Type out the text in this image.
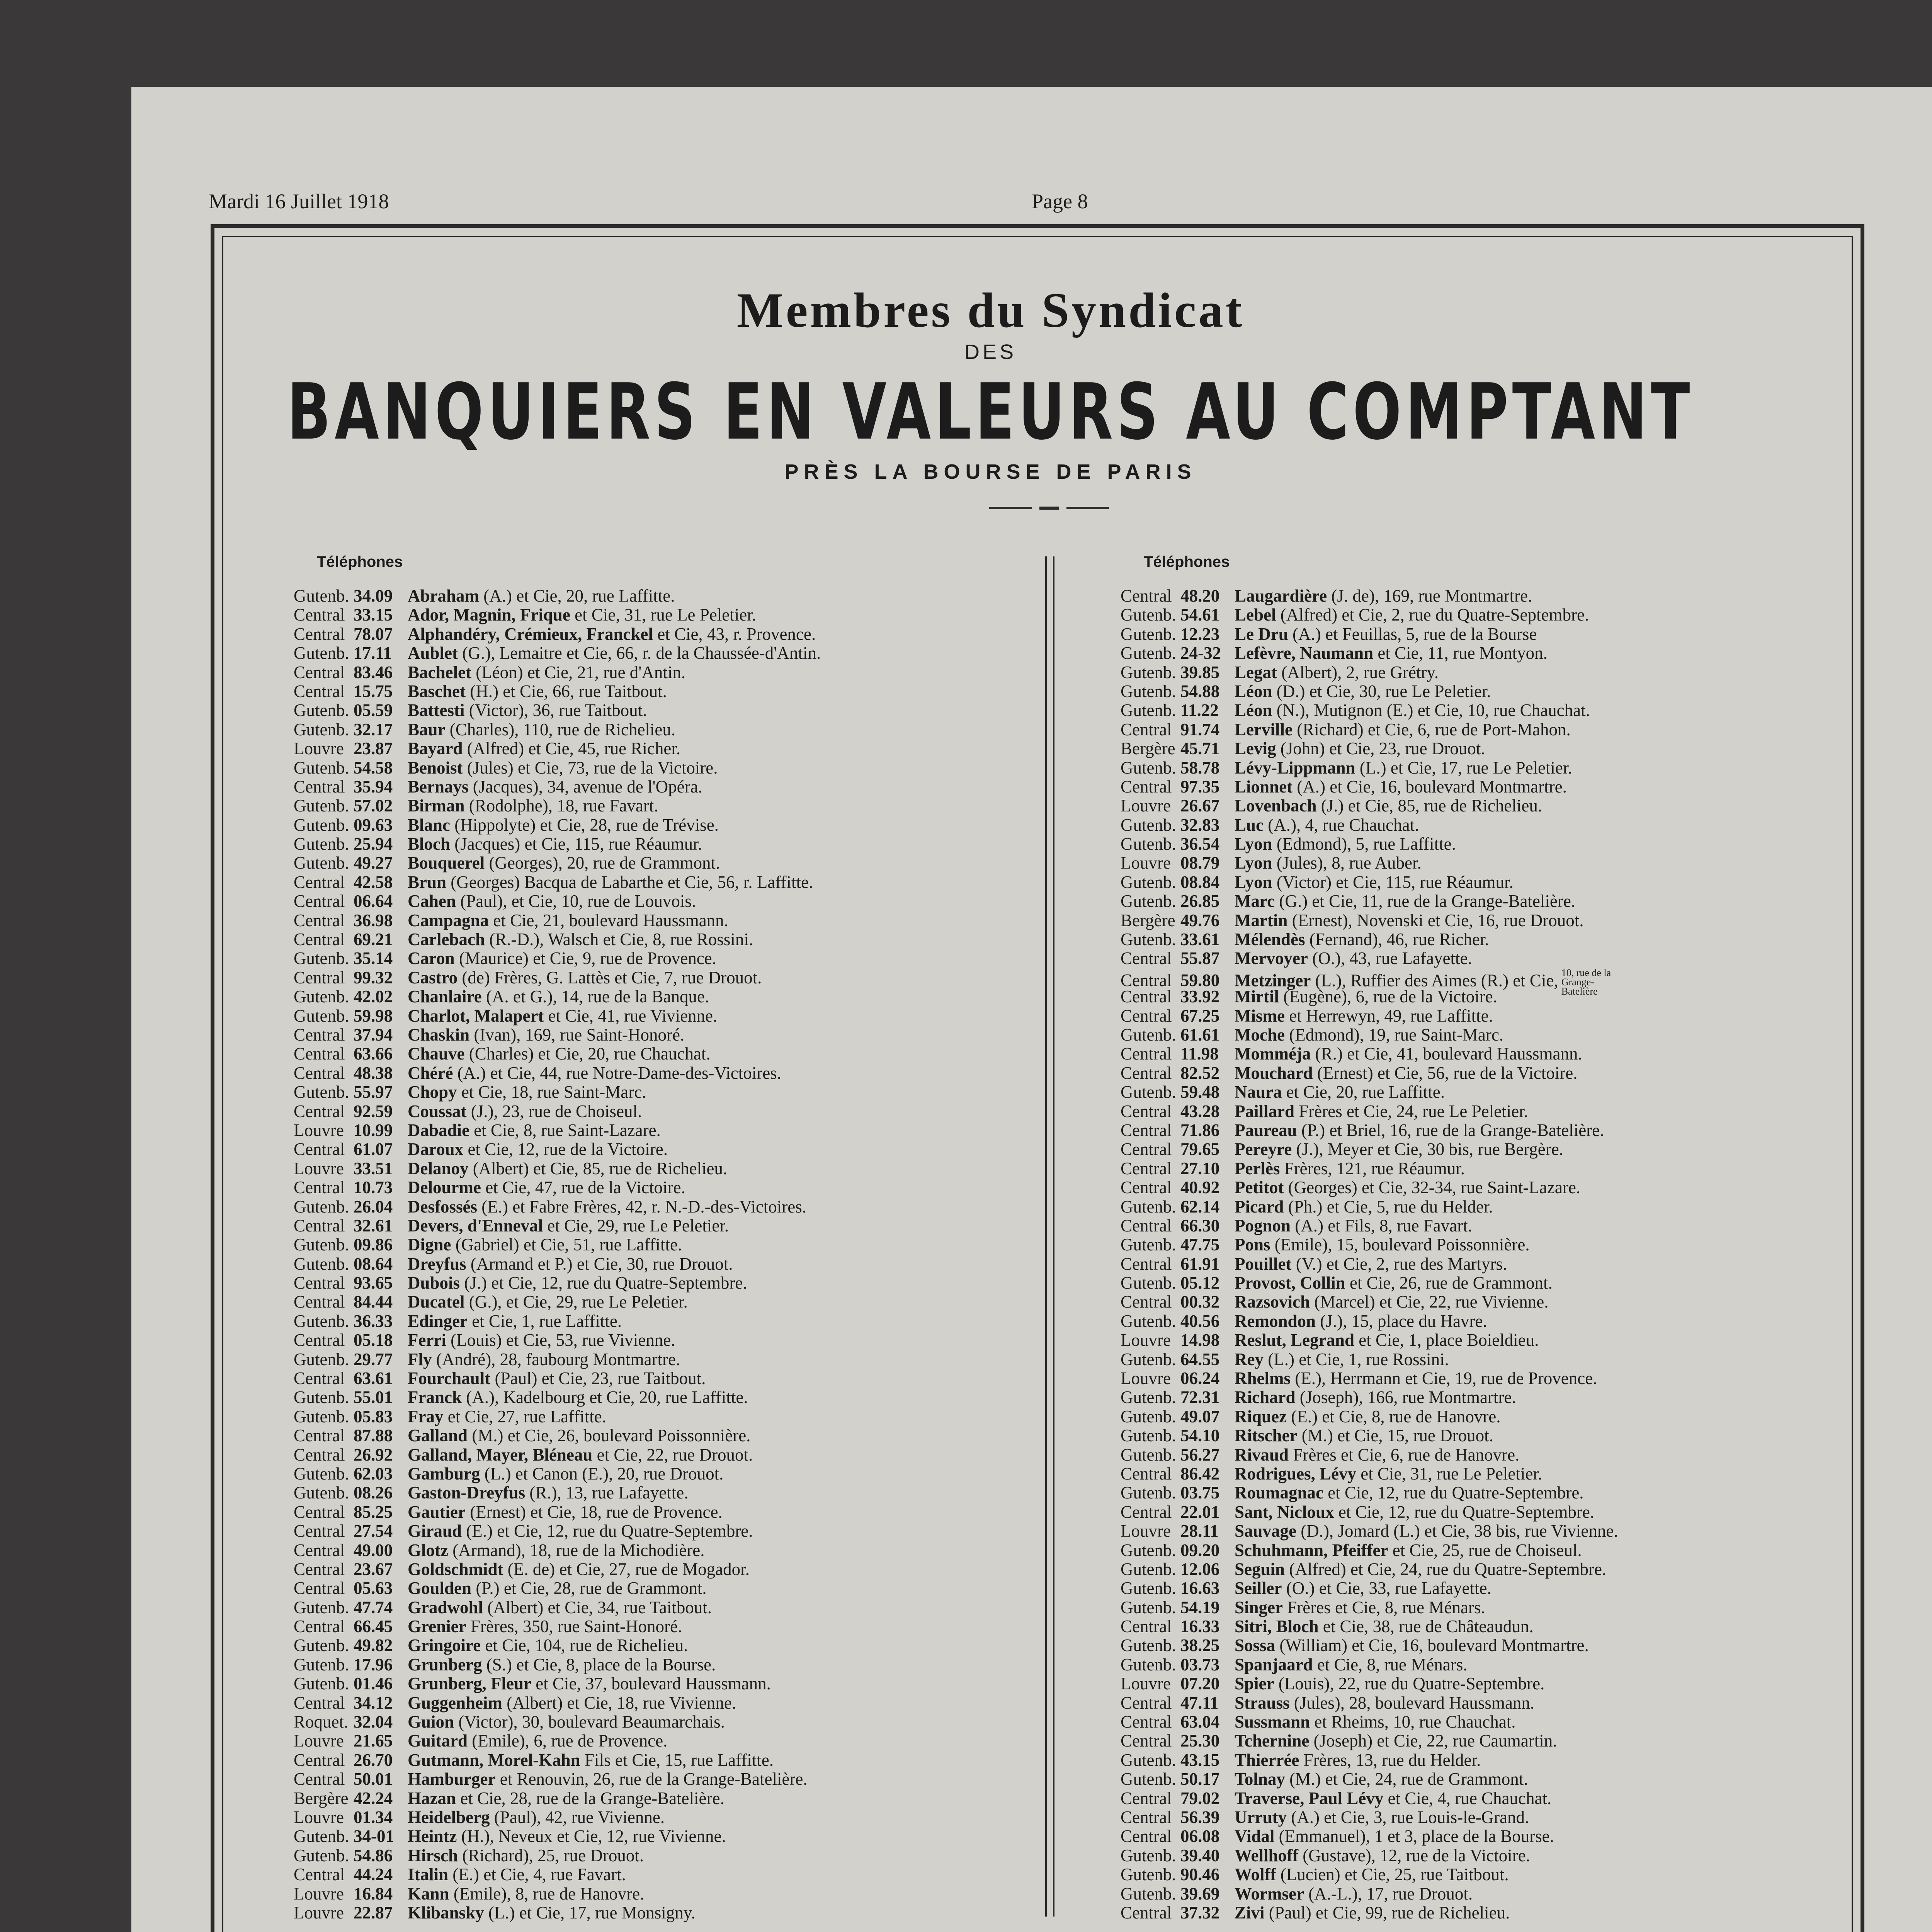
Mardi 16 Juillet 1918	Page 8
Membres du Syndicat
DES
BANQUIERS EN VALEURS AU COMPTANT
PRÈS LA BOURSE DE PARIS
Téléphones	Téléphones
Gutenb. 34.09 Abraham (A.) et Cie, 20, rue Laffitte.
Central 33.15 Ador, Magnin, Frique et Cie, 31, rue Le Peletier.
Central 78.07 Alphandéry, Crémieux, Franckel et Cie, 43, r. Provence.
Gutenb. 17.11 Aublet (G.), Lemaitre et Cie, 66, r. de la Chaussée-d'Antin.
Central 83.46 Bachelet (Léon) et Cie, 21, rue d'Antin.
Central 15.75 Baschet (H.) et Cie, 66, rue Taitbout.
Gutenb. 05.59 Battesti (Victor), 36, rue Taitbout.
Gutenb. 32.17 Baur (Charles), 110, rue de Richelieu.
Louvre 23.87 Bayard (Alfred) et Cie, 45, rue Richer.
Gutenb. 54.58 Benoist (Jules) et Cie, 73, rue de la Victoire.
Central 35.94 Bernays (Jacques), 34, avenue de l'Opéra.
Gutenb. 57.02 Birman (Rodolphe), 18, rue Favart.
Gutenb. 09.63 Blanc (Hippolyte) et Cie, 28, rue de Trévise.
Gutenb. 25.94 Bloch (Jacques) et Cie, 115, rue Réaumur.
Gutenb. 49.27 Bouquerel (Georges), 20, rue de Grammont.
Central 42.58 Brun (Georges) Bacqua de Labarthe et Cie, 56, r. Laffitte.
Central 06.64 Cahen (Paul), et Cie, 10, rue de Louvois.
Central 36.98 Campagna et Cie, 21, boulevard Haussmann.
Central 69.21 Carlebach (R.-D.), Walsch et Cie, 8, rue Rossini.
Gutenb. 35.14 Caron (Maurice) et Cie, 9, rue de Provence.
Central 99.32 Castro (de) Frères, G. Lattès et Cie, 7, rue Drouot.
Gutenb. 42.02 Chanlaire (A. et G.), 14, rue de la Banque.
Gutenb. 59.98 Charlot, Malapert et Cie, 41, rue Vivienne.
Central 37.94 Chaskin (Ivan), 169, rue Saint-Honoré.
Central 63.66 Chauve (Charles) et Cie, 20, rue Chauchat.
Central 48.38 Chéré (A.) et Cie, 44, rue Notre-Dame-des-Victoires.
Gutenb. 55.97 Chopy et Cie, 18, rue Saint-Marc.
Central 92.59 Coussat (J.), 23, rue de Choiseul.
Louvre 10.99 Dabadie et Cie, 8, rue Saint-Lazare.
Central 61.07 Daroux et Cie, 12, rue de la Victoire.
Louvre 33.51 Delanoy (Albert) et Cie, 85, rue de Richelieu.
Central 10.73 Delourme et Cie, 47, rue de la Victoire.
Gutenb. 26.04 Desfossés (E.) et Fabre Frères, 42, r. N.-D.-des-Victoires.
Central 32.61 Devers, d'Enneval et Cie, 29, rue Le Peletier.
Gutenb. 09.86 Digne (Gabriel) et Cie, 51, rue Laffitte.
Gutenb. 08.64 Dreyfus (Armand et P.) et Cie, 30, rue Drouot.
Central 93.65 Dubois (J.) et Cie, 12, rue du Quatre-Septembre.
Central 84.44 Ducatel (G.), et Cie, 29, rue Le Peletier.
Gutenb. 36.33 Edinger et Cie, 1, rue Laffitte.
Central 05.18 Ferri (Louis) et Cie, 53, rue Vivienne.
Gutenb. 29.77 Fly (André), 28, faubourg Montmartre.
Central 63.61 Fourchault (Paul) et Cie, 23, rue Taitbout.
Gutenb. 55.01 Franck (A.), Kadelbourg et Cie, 20, rue Laffitte.
Gutenb. 05.83 Fray et Cie, 27, rue Laffitte.
Central 87.88 Galland (M.) et Cie, 26, boulevard Poissonnière.
Central 26.92 Galland, Mayer, Bléneau et Cie, 22, rue Drouot.
Gutenb. 62.03 Gamburg (L.) et Canon (E.), 20, rue Drouot.
Gutenb. 08.26 Gaston-Dreyfus (R.), 13, rue Lafayette.
Central 85.25 Gautier (Ernest) et Cie, 18, rue de Provence.
Central 27.54 Giraud (E.) et Cie, 12, rue du Quatre-Septembre.
Central 49.00 Glotz (Armand), 18, rue de la Michodière.
Central 23.67 Goldschmidt (E. de) et Cie, 27, rue de Mogador.
Central 05.63 Goulden (P.) et Cie, 28, rue de Grammont.
Gutenb. 47.74 Gradwohl (Albert) et Cie, 34, rue Taitbout.
Central 66.45 Grenier Frères, 350, rue Saint-Honoré.
Gutenb. 49.82 Gringoire et Cie, 104, rue de Richelieu.
Gutenb. 17.96 Grunberg (S.) et Cie, 8, place de la Bourse.
Gutenb. 01.46 Grunberg, Fleur et Cie, 37, boulevard Haussmann.
Central 34.12 Guggenheim (Albert) et Cie, 18, rue Vivienne.
Roquet. 32.04 Guion (Victor), 30, boulevard Beaumarchais.
Louvre 21.65 Guitard (Emile), 6, rue de Provence.
Central 26.70 Gutmann, Morel-Kahn Fils et Cie, 15, rue Laffitte.
Central 50.01 Hamburger et Renouvin, 26, rue de la Grange-Batelière.
Bergère 42.24 Hazan et Cie, 28, rue de la Grange-Batelière.
Louvre 01.34 Heidelberg (Paul), 42, rue Vivienne.
Gutenb. 34-01 Heintz (H.), Neveux et Cie, 12, rue Vivienne.
Gutenb. 54.86 Hirsch (Richard), 25, rue Drouot.
Central 44.24 Italin (E.) et Cie, 4, rue Favart.
Louvre 16.84 Kann (Emile), 8, rue de Hanovre.
Louvre 22.87 Klibansky (L.) et Cie, 17, rue Monsigny.
Central 48.20 Laugardière (J. de), 169, rue Montmartre.
Gutenb. 54.61 Lebel (Alfred) et Cie, 2, rue du Quatre-Septembre.
Gutenb. 12.23 Le Dru (A.) et Feuillas, 5, rue de la Bourse
Gutenb. 24-32 Lefèvre, Naumann et Cie, 11, rue Montyon.
Gutenb. 39.85 Legat (Albert), 2, rue Grétry.
Gutenb. 54.88 Léon (D.) et Cie, 30, rue Le Peletier.
Gutenb. 11.22 Léon (N.), Mutignon (E.) et Cie, 10, rue Chauchat.
Central 91.74 Lerville (Richard) et Cie, 6, rue de Port-Mahon.
Bergère 45.71 Levig (John) et Cie, 23, rue Drouot.
Gutenb. 58.78 Lévy-Lippmann (L.) et Cie, 17, rue Le Peletier.
Central 97.35 Lionnet (A.) et Cie, 16, boulevard Montmartre.
Louvre 26.67 Lovenbach (J.) et Cie, 85, rue de Richelieu.
Gutenb. 32.83 Luc (A.), 4, rue Chauchat.
Gutenb. 36.54 Lyon (Edmond), 5, rue Laffitte.
Louvre 08.79 Lyon (Jules), 8, rue Auber.
Gutenb. 08.84 Lyon (Victor) et Cie, 115, rue Réaumur.
Gutenb. 26.85 Marc (G.) et Cie, 11, rue de la Grange-Batelière.
Bergère 49.76 Martin (Ernest), Novenski et Cie, 16, rue Drouot.
Gutenb. 33.61 Mélendès (Fernand), 46, rue Richer.
Central 55.87 Mervoyer (O.), 43, rue Lafayette.
Central 59.80 Metzinger (L.), Ruffier des Aimes (R.) et Cie, 10, rue de la Grange-Batelière
Central 33.92 Mirtil (Eugène), 6, rue de la Victoire.
Central 67.25 Misme et Herrewyn, 49, rue Laffitte.
Gutenb. 61.61 Moche (Edmond), 19, rue Saint-Marc.
Central 11.98 Momméja (R.) et Cie, 41, boulevard Haussmann.
Central 82.52 Mouchard (Ernest) et Cie, 56, rue de la Victoire.
Gutenb. 59.48 Naura et Cie, 20, rue Laffitte.
Central 43.28 Paillard Frères et Cie, 24, rue Le Peletier.
Central 71.86 Paureau (P.) et Briel, 16, rue de la Grange-Batelière.
Central 79.65 Pereyre (J.), Meyer et Cie, 30 bis, rue Bergère.
Central 27.10 Perlès Frères, 121, rue Réaumur.
Central 40.92 Petitot (Georges) et Cie, 32-34, rue Saint-Lazare.
Gutenb. 62.14 Picard (Ph.) et Cie, 5, rue du Helder.
Central 66.30 Pognon (A.) et Fils, 8, rue Favart.
Gutenb. 47.75 Pons (Emile), 15, boulevard Poissonnière.
Central 61.91 Pouillet (V.) et Cie, 2, rue des Martyrs.
Gutenb. 05.12 Provost, Collin et Cie, 26, rue de Grammont.
Central 00.32 Razsovich (Marcel) et Cie, 22, rue Vivienne.
Gutenb. 40.56 Remondon (J.), 15, place du Havre.
Louvre 14.98 Reslut, Legrand et Cie, 1, place Boieldieu.
Gutenb. 64.55 Rey (L.) et Cie, 1, rue Rossini.
Louvre 06.24 Rhelms (E.), Herrmann et Cie, 19, rue de Provence.
Gutenb. 72.31 Richard (Joseph), 166, rue Montmartre.
Gutenb. 49.07 Riquez (E.) et Cie, 8, rue de Hanovre.
Gutenb. 54.10 Ritscher (M.) et Cie, 15, rue Drouot.
Gutenb. 56.27 Rivaud Frères et Cie, 6, rue de Hanovre.
Central 86.42 Rodrigues, Lévy et Cie, 31, rue Le Peletier.
Gutenb. 03.75 Roumagnac et Cie, 12, rue du Quatre-Septembre.
Central 22.01 Sant, Nicloux et Cie, 12, rue du Quatre-Septembre.
Louvre 28.11 Sauvage (D.), Jomard (L.) et Cie, 38 bis, rue Vivienne.
Gutenb. 09.20 Schuhmann, Pfeiffer et Cie, 25, rue de Choiseul.
Gutenb. 12.06 Seguin (Alfred) et Cie, 24, rue du Quatre-Septembre.
Gutenb. 16.63 Seiller (O.) et Cie, 33, rue Lafayette.
Gutenb. 54.19 Singer Frères et Cie, 8, rue Ménars.
Central 16.33 Sitri, Bloch et Cie, 38, rue de Châteaudun.
Gutenb. 38.25 Sossa (William) et Cie, 16, boulevard Montmartre.
Gutenb. 03.73 Spanjaard et Cie, 8, rue Ménars.
Louvre 07.20 Spier (Louis), 22, rue du Quatre-Septembre.
Central 47.11 Strauss (Jules), 28, boulevard Haussmann.
Central 63.04 Sussmann et Rheims, 10, rue Chauchat.
Central 25.30 Tchernine (Joseph) et Cie, 22, rue Caumartin.
Gutenb. 43.15 Thierrée Frères, 13, rue du Helder.
Gutenb. 50.17 Tolnay (M.) et Cie, 24, rue de Grammont.
Central 79.02 Traverse, Paul Lévy et Cie, 4, rue Chauchat.
Central 56.39 Urruty (A.) et Cie, 3, rue Louis-le-Grand.
Central 06.08 Vidal (Emmanuel), 1 et 3, place de la Bourse.
Gutenb. 39.40 Wellhoff (Gustave), 12, rue de la Victoire.
Gutenb. 90.46 Wolff (Lucien) et Cie, 25, rue Taitbout.
Gutenb. 39.69 Wormser (A.-L.), 17, rue Drouot.
Central 37.32 Zivi (Paul) et Cie, 99, rue de Richelieu.
